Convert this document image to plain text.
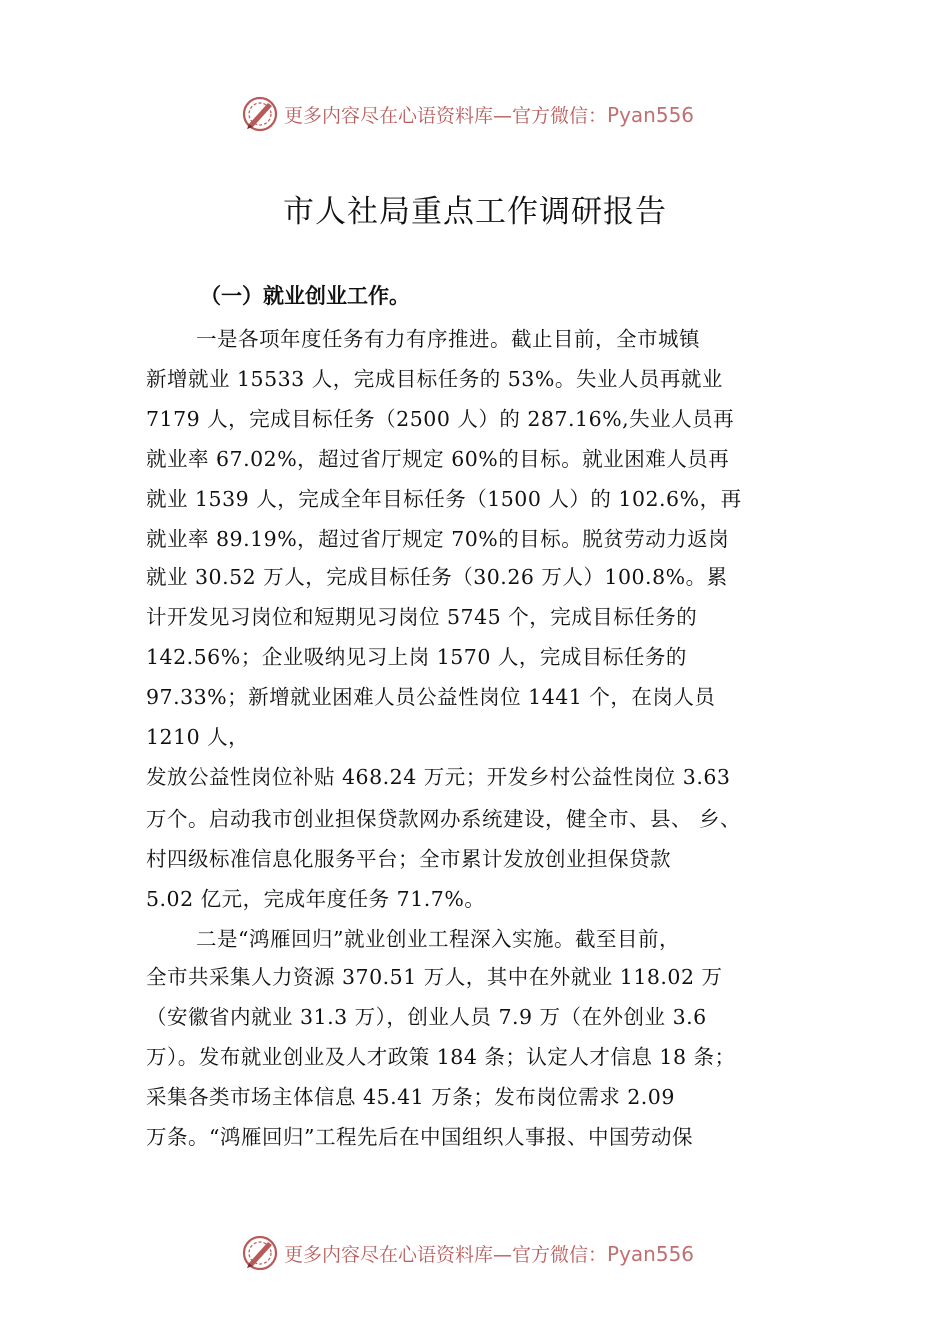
更多内容尽在心语资料库—官方微信：Pyan556
市人社局重点工作调研报告
（一）就业创业工作。
一是各项年度任务有力有序推进。截止目前，全市城镇
新增就业 15533 人，完成目标任务的 53%。失业人员再就业
7179 人，完成目标任务（2500 人）的 287.16%,失业人员再
就业率 67.02%，超过省厅规定 60%的目标。就业困难人员再
就业 1539 人，完成全年目标任务（1500 人）的 102.6%，再
就业率 89.19%，超过省厅规定 70%的目标。脱贫劳动力返岗
就业 30.52 万人，完成目标任务（30.26 万人）100.8%。累
计开发见习岗位和短期见习岗位 5745 个，完成目标任务的
142.56%；企业吸纳见习上岗 1570 人，完成目标任务的
97.33%；新增就业困难人员公益性岗位 1441 个，在岗人员
1210 人，
发放公益性岗位补贴 468.24 万元；开发乡村公益性岗位 3.63
万个。启动我市创业担保贷款网办系统建设，健全市、县、 乡、
村四级标准信息化服务平台；全市累计发放创业担保贷款
5.02 亿元，完成年度任务 71.7%。
二是“鸿雁回归”就业创业工程深入实施。截至目前，
全市共采集人力资源 370.51 万人，其中在外就业 118.02 万
（安徽省内就业 31.3 万），创业人员 7.9 万（在外创业 3.6
万）。发布就业创业及人才政策 184 条；认定人才信息 18 条；
采集各类市场主体信息 45.41 万条；发布岗位需求 2.09
万条。“鸿雁回归”工程先后在中国组织人事报、中国劳动保
更多内容尽在心语资料库—官方微信：Pyan556
